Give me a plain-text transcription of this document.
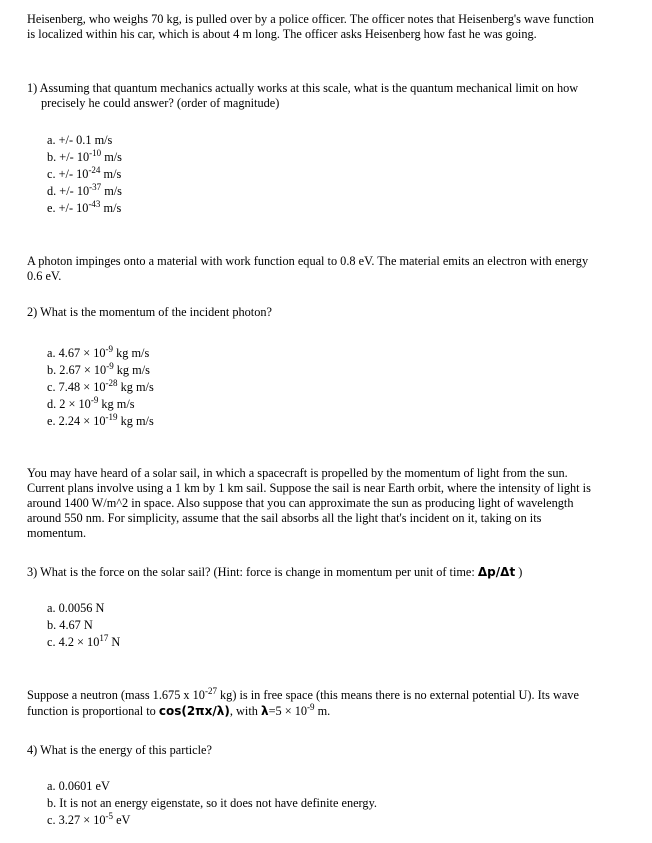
Heisenberg, who weighs 70 kg, is pulled over by a police officer. The officer notes that Heisenberg's wave function is localized within his car, which is about 4 m long. The officer asks Heisenberg how fast he was going.

1) Assuming that quantum mechanics actually works at this scale, what is the quantum mechanical limit on how precisely he could answer? (order of magnitude)
a. +/- 0.1 m/s
b. +/- $10^{-10}$ m/s
c. +/- $10^{-24}$ m/s
d. +/- $10^{-37}$ m/s
e. +/- $10^{-43}$ m/s

A photon impinges onto a material with work function equal to 0.8 eV. The material emits an electron with energy 0.6 eV.

2) What is the momentum of the incident photon?
a. $4.67 \times 10^{-9}$ kg m/s
b. $2.67 \times 10^{-9}$ kg m/s
c. $7.48 \times 10^{-28}$ kg m/s
d. $2 \times 10^{-9}$ kg m/s
e. $2.24 \times 10^{-19}$ kg m/s

You may have heard of a solar sail, in which a spacecraft is propelled by the momentum of light from the sun. Current plans involve using a 1 km by 1 km sail. Suppose the sail is near Earth orbit, where the intensity of light is around 1400 W/m^2 in space. Also suppose that you can approximate the sun as producing light of wavelength around 550 nm. For simplicity, assume that the sail absorbs all the light that's incident on it, taking on its momentum.

3) What is the force on the solar sail? (Hint: force is change in momentum per unit of time: Δp/Δt )
a. 0.0056 N
b. 4.67 N
c. $4.2 \times 10^{17}$ N

Suppose a neutron (mass 1.675 x $10^{-27}$ kg) is in free space (this means there is no external potential U). Its wave function is proportional to cos(2πx/λ), with $\lambda=5 \times 10^{-9}$ m.

4) What is the energy of this particle?
a. 0.0601 eV
b. It is not an energy eigenstate, so it does not have definite energy.
c. $3.27 \times 10^{-5}$ eV
